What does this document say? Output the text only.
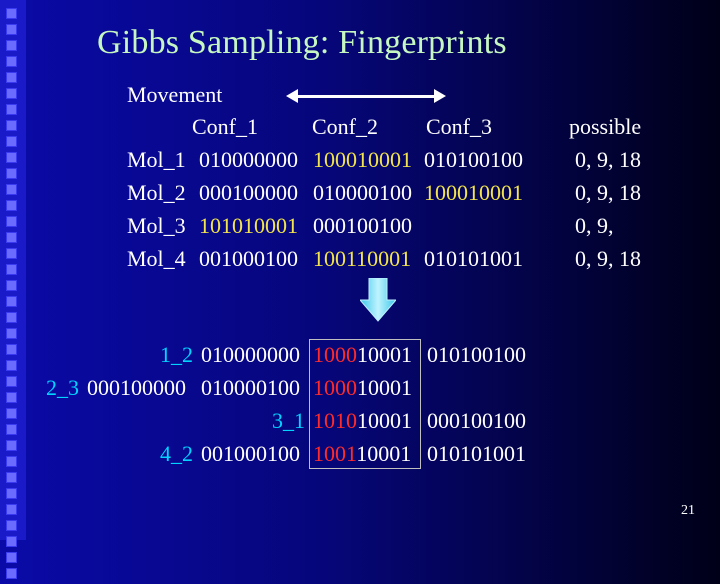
Gibbs Sampling: Fingerprints
Movement
Conf_1 Conf_2 Conf_3	possible
Mol_1 010000000 100010001 010100100 0, 9, 18
Mol_2 000100000 010000100 100010001 0, 9, 18
Mol_3 101010001 000100100	0, 9,
Mol_4 001000100 100110001 010101001 0, 9, 18
1_2 010000000 100010001 010100100
2_3 000100000 010000100 100010001
3_1 101010001 000100100
4_2 001000100 100110001 010101001
21
